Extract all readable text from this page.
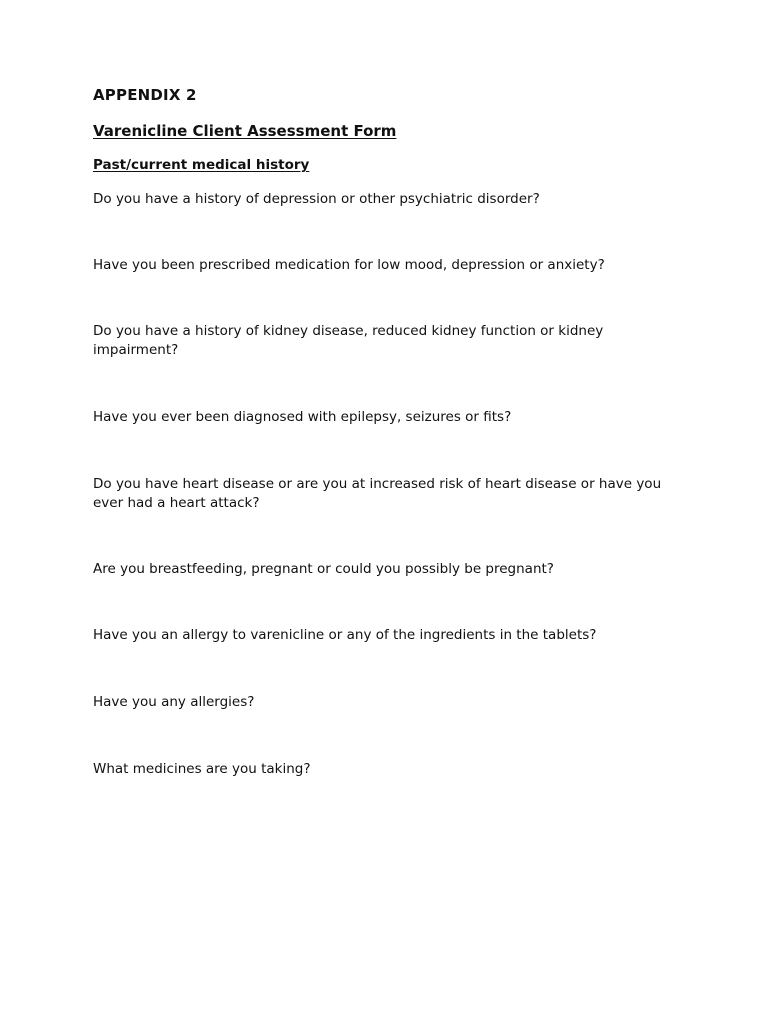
APPENDIX 2
Varenicline Client Assessment Form
Past/current medical history

Do you have a history of depression or other psychiatric disorder?

Have you been prescribed medication for low mood, depression or anxiety?

Do you have a history of kidney disease, reduced kidney function or kidney impairment?

Have you ever been diagnosed with epilepsy, seizures or fits?

Do you have heart disease or are you at increased risk of heart disease or have you ever had a heart attack?

Are you breastfeeding, pregnant or could you possibly be pregnant?

Have you an allergy to varenicline or any of the ingredients in the tablets?

Have you any allergies?

What medicines are you taking?
